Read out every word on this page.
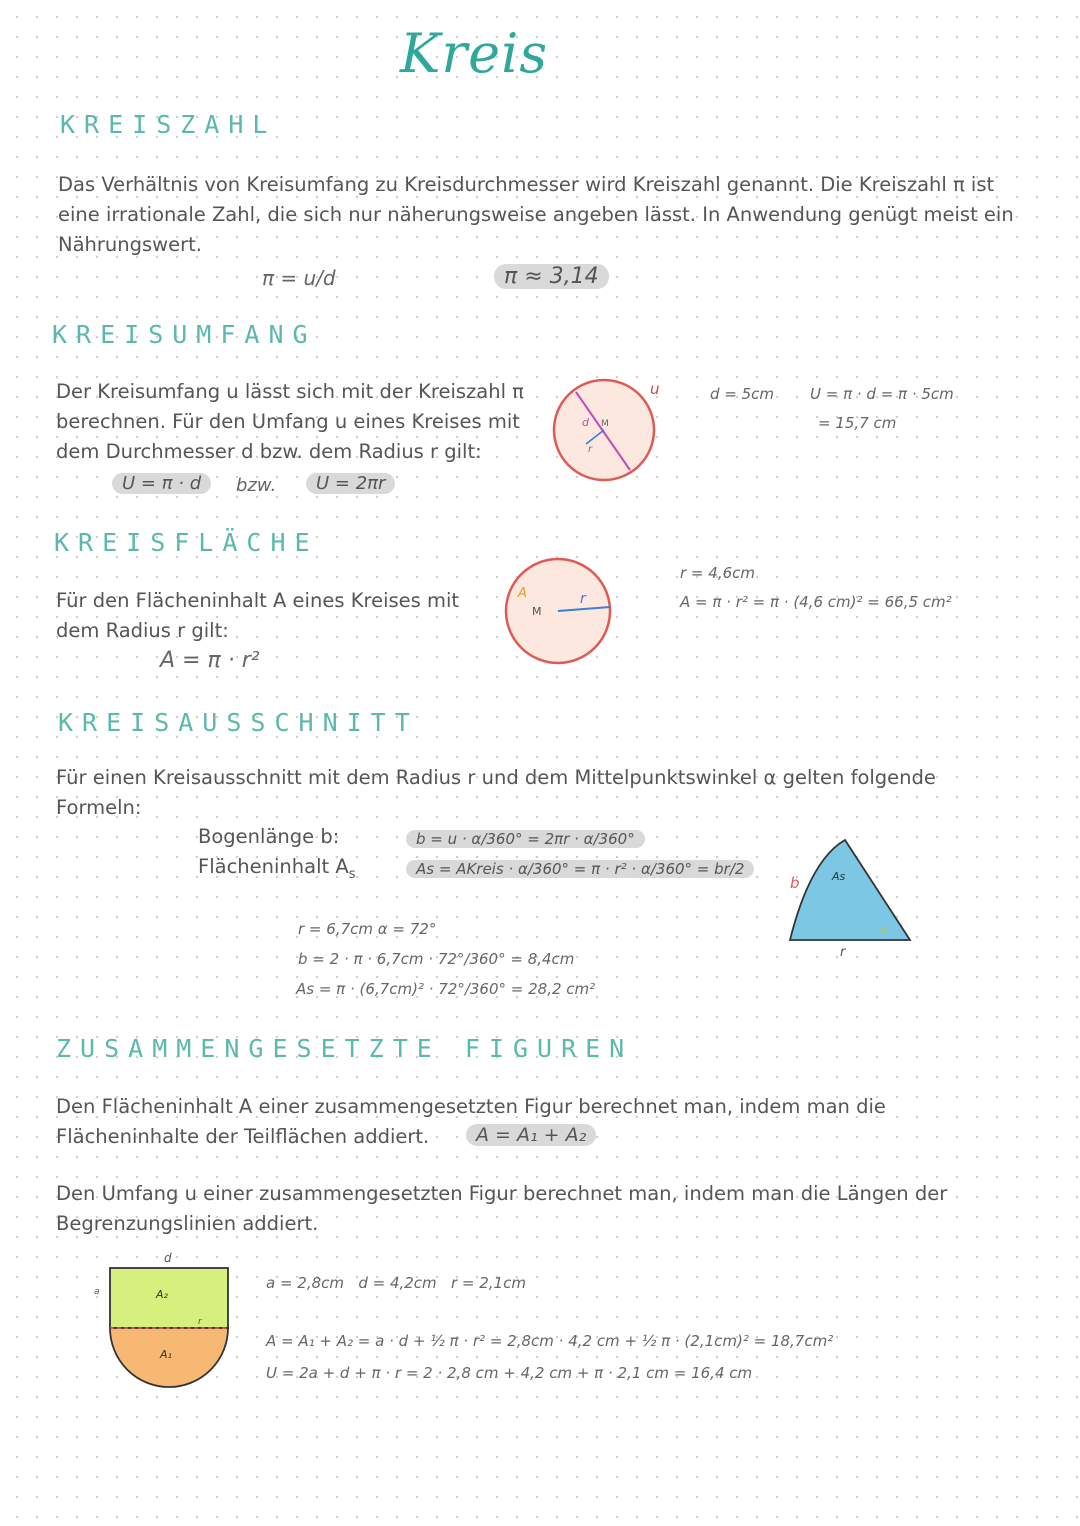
Kreis
KREISZAHL
Das Verhältnis von Kreisumfang zu Kreisdurchmesser wird Kreiszahl genannt. Die Kreiszahl π ist eine irrationale Zahl, die sich nur näherungsweise angeben lässt. In Anwendung genügt meist ein Nährungswert.
π = u/d	π ≈ 3,14
KREISUMFANG
Der Kreisumfang u lässt sich mit der Kreiszahl π berechnen. Für den Umfang u eines Kreises mit dem Durchmesser d bzw. dem Radius r gilt:
U = π · d	bzw.	U = 2πr
d M
r
u	d = 5cm U = π · d = π · 5cm
= 15,7 cm
KREISFLÄCHE
Für den Flächeninhalt A eines Kreises mit dem Radius r gilt:
A = π · r²
A
M
r
r = 4,6cm
A = π · r² = π · (4,6 cm)² = 66,5 cm²
KREISAUSSCHNITT
Für einen Kreisausschnitt mit dem Radius r und dem Mittelpunktswinkel α gelten folgende Formeln:
Bogenlänge b:
Flächeninhalt $A_s$
b = u · α/360° = 2πr · α/360°
As = AKreis · α/360° = π · r² · α/360° = br/2
r = 6,7cm α = 72°
b = 2 · π · 6,7cm · 72°/360° = 8,4cm
As = π · (6,7cm)² · 72°/360° = 28,2 cm²
b	As
r
α
ZUSAMMENGESETZTE FIGUREN
Den Flächeninhalt A einer zusammengesetzten Figur berechnet man, indem man die Flächeninhalte der Teilflächen addiert.	A = A₁ + A₂
Den Umfang u einer zusammengesetzten Figur berechnet man, indem man die Längen der Begrenzungslinien addiert.
d
a	A₂
A₁
r
a = 2,8cm   d = 4,2cm   r = 2,1cm
A = A₁ + A₂ = a · d + ½ π · r² = 2,8cm · 4,2 cm + ½ π · (2,1cm)² = 18,7cm²
U = 2a + d + π · r = 2 · 2,8 cm + 4,2 cm + π · 2,1 cm = 16,4 cm
